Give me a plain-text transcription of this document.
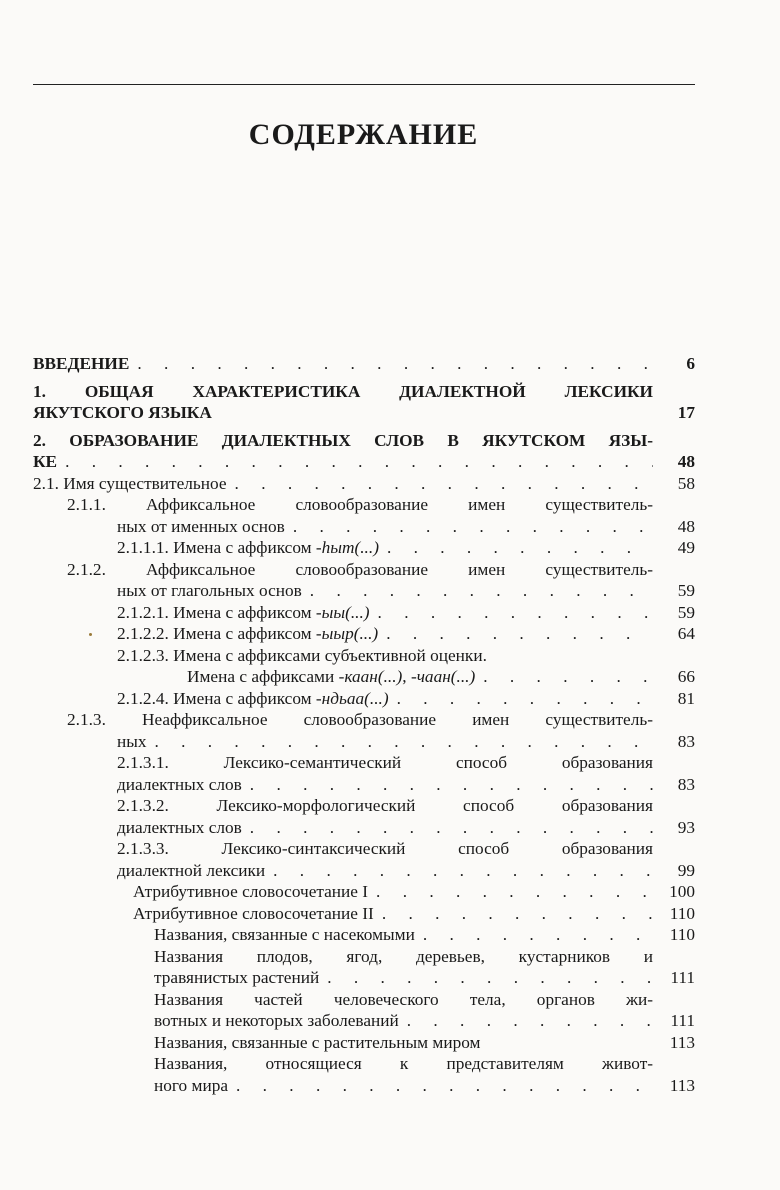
СОДЕРЖАНИЕ
ВВЕДЕНИЕ . . .	6
1. ОБЩАЯ ХАРАКТЕРИСТИКА ДИАЛЕКТНОЙ ЛЕКСИКИ
ЯКУТСКОГО ЯЗЫКА	17
2. ОБРАЗОВАНИЕ ДИАЛЕКТНЫХ СЛОВ В ЯКУТСКОМ ЯЗЫ-
КЕ . . .	48
2.1. Имя существительное . . .	58
2.1.1. Аффиксальное словообразование имен существитель-
ных от именных основ . . .	48
2.1.1.1. Имена с аффиксом -һыт(...) . . .	49
2.1.2. Аффиксальное словообразование имен существитель-
ных от глагольных основ . . .	59
2.1.2.1. Имена с аффиксом -ыы(...) . . .	59
2.1.2.2. Имена с аффиксом -ыыр(...) . . .	64
2.1.2.3. Имена с аффиксами субъективной оценки.
Имена с аффиксами -каан(...), -чаан(...) . . .	66
2.1.2.4. Имена с аффиксом -ндьаа(...) . . .	81
2.1.3. Неаффиксальное словообразование имен существитель-
ных . . .	83
2.1.3.1. Лексико-семантический способ образования
диалектных слов . . .	83
2.1.3.2. Лексико-морфологический способ образования
диалектных слов . . .	93
2.1.3.3. Лексико-синтаксический способ образования
диалектной лексики . . .	99
Атрибутивное словосочетание I . . .	100
Атрибутивное словосочетание II . . .	110
Названия, связанные с насекомыми . . .	110
Названия плодов, ягод, деревьев, кустарников и
травянистых растений . . .	111
Названия частей человеческого тела, органов жи-
вотных и некоторых заболеваний . . .	111
Названия, связанные с растительным миром	113
Названия, относящиеся к представителям живот-
ного мира . . .	113
